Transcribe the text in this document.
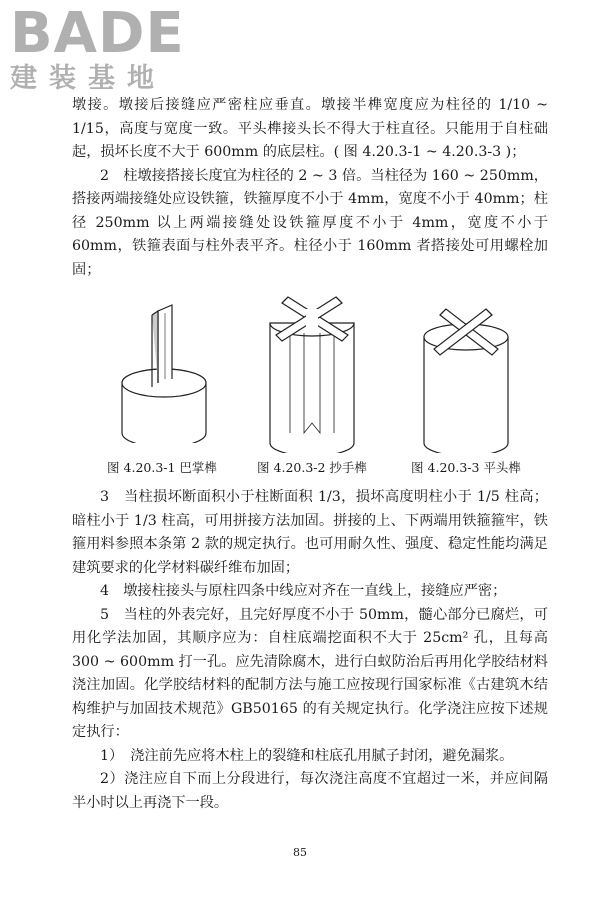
BADE
建装基地

墩接。墩接后接缝应严密柱应垂直。墩接半榫宽度应为柱径的 1/10 ~ 1/15，高度与宽度一致。平头榫接头长不得大于柱直径。只能用于自柱础起，损坏长度不大于 600mm 的底层柱。( 图 4.20.3-1 ~ 4.20.3-3 )；

2　柱墩接搭接长度宜为柱径的 2 ~ 3 倍。当柱径为 160 ~ 250mm，搭接两端接缝处应设铁箍，铁箍厚度不小于 4mm，宽度不小于 40mm；柱径 250mm 以上两端接缝处设铁箍厚度不小于 4mm，宽度不小于 60mm，铁箍表面与柱外表平齐。柱径小于 160mm 者搭接处可用螺栓加固；

图 4.20.3-1 巴掌榫	图 4.20.3-2 抄手榫	图 4.20.3-3 平头榫

3　当柱损坏断面积小于柱断面积 1/3，损坏高度明柱小于 1/5 柱高；暗柱小于 1/3 柱高，可用拼接方法加固。拼接的上、下两端用铁箍箍牢，铁箍用料参照本条第 2 款的规定执行。也可用耐久性、强度、稳定性能均满足建筑要求的化学材料碳纤维布加固；

4　墩接柱接头与原柱四条中线应对齐在一直线上，接缝应严密；

5　当柱的外表完好，且完好厚度不小于 50mm，髓心部分已腐烂，可用化学法加固，其顺序应为：自柱底端挖面积不大于 25cm² 孔，且每高 300 ~ 600mm 打一孔。应先清除腐木，进行白蚁防治后再用化学胶结材料浇注加固。化学胶结材料的配制方法与施工应按现行国家标准《古建筑木结构维护与加固技术规范》GB50165 的有关规定执行。化学浇注应按下述规定执行：

1）　浇注前先应将木柱上的裂缝和柱底孔用腻子封闭，避免漏浆。

2）浇注应自下而上分段进行，每次浇注高度不宜超过一米，并应间隔半小时以上再浇下一段。

85
